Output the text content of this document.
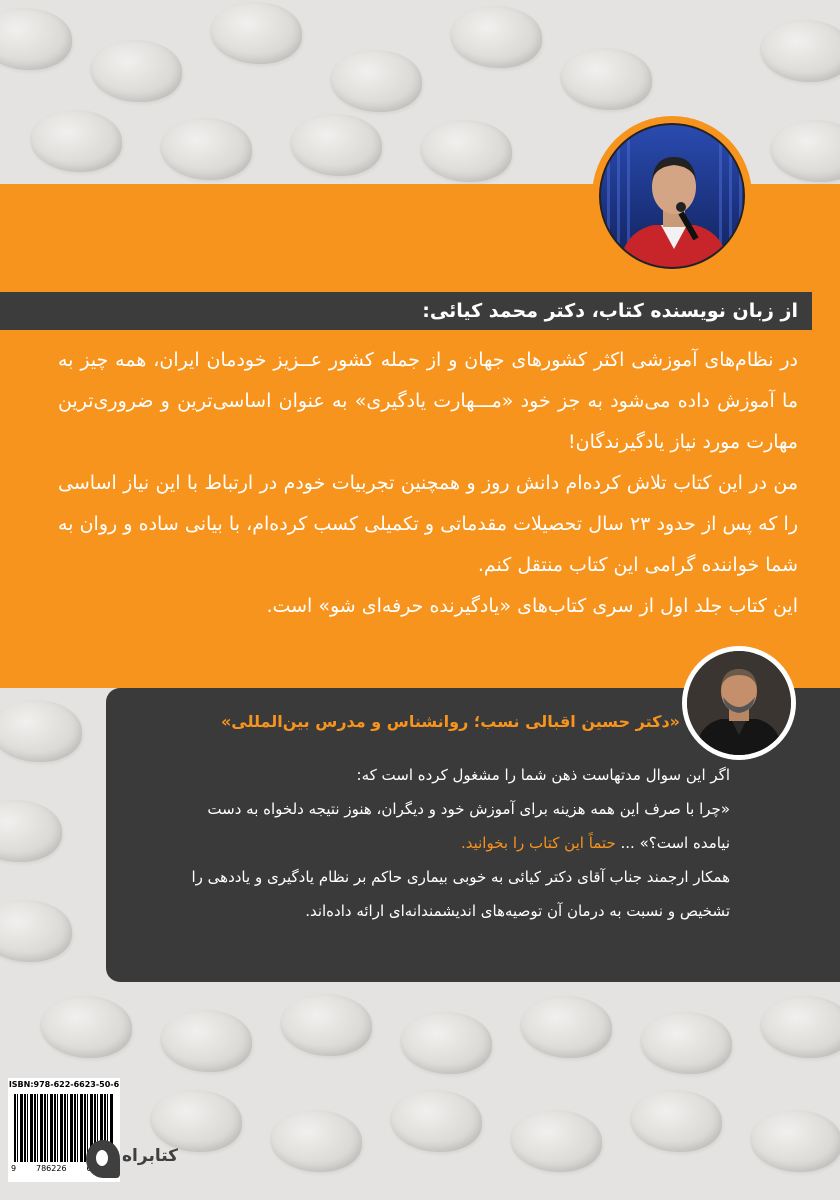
از زبان نویسنده کتاب، دکتر محمد کیائی:

در نظام‌های آموزشی اکثر کشورهای جهان و از جمله کشور عــزیز خودمان ایران، همه چیز به ما آموزش داده می‌شود به جز خود «مـــهارت یادگیری» به عنوان اساسی‌ترین و ضروری‌ترین مهارت مورد نیاز یادگیرندگان!

من در این کتاب تلاش کرده‌ام دانش روز و همچنین تجربیات خودم در ارتباط با این نیاز اساسی را که پس از حدود ۲۳ سال تحصیلات مقدماتی و تکمیلی کسب کرده‌ام، با بیانی ساده و روان به شما خواننده گرامی این کتاب منتقل کنم.

این کتاب جلد اول از سری کتاب‌های «یادگیرنده حرفه‌ای شو» است.

«دکتر حسین اقبالی نسب؛ روانشناس و مدرس بین‌المللی»

اگر این سوال مدتهاست ذهن شما را مشغول کرده است که:

«چرا با صرف این همه هزینه برای آموزش خود و دیگران، هنوز نتیجه دلخواه به دست

نیامده است؟» ... حتماً این کتاب را بخوانید.

همکار ارجمند جناب آقای دکتر کیائی به خوبی بیماری حاکم بر نظام یادگیری و یاددهی را

تشخیص و نسبت به درمان آن توصیه‌های اندیشمندانه‌ای ارائه داده‌اند.

ISBN:978-622-6623-50-6
9 786226
کتابراه
